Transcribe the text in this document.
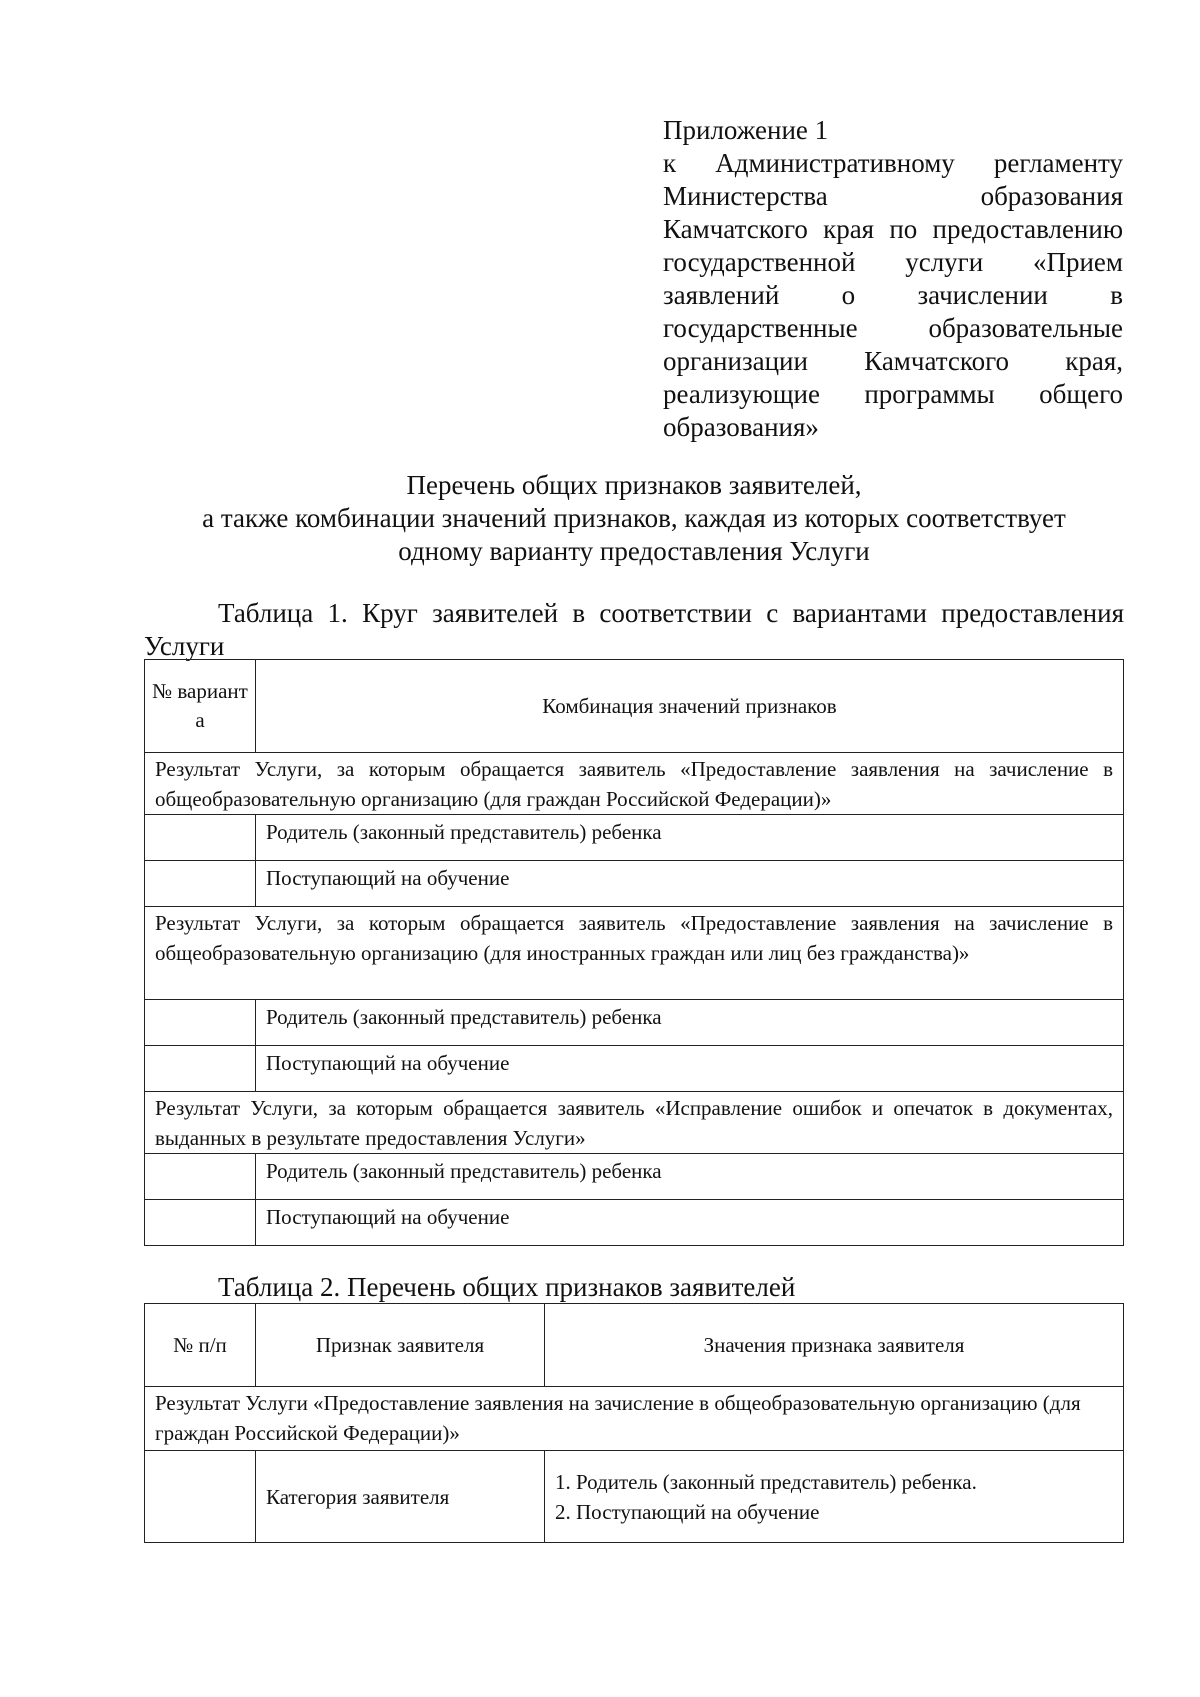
Приложение 1
к Административному регламенту Министерства образования Камчатского края по предоставлению государственной услуги «Прием заявлений о зачислении в государственные образовательные организации Камчатского края, реализующие программы общего образования»
Перечень общих признаков заявителей,
а также комбинации значений признаков, каждая из которых соответствует
одному варианту предоставления Услуги
Таблица 1. Круг заявителей в соответствии с вариантами предоставления Услуги
№ вариант а	Комбинация значений признаков
Результат Услуги, за которым обращается заявитель «Предоставление заявления на зачисление в общеобразовательную организацию (для граждан Российской Федерации)»	
	Родитель (законный представитель) ребенка
	Поступающий на обучение
Результат Услуги, за которым обращается заявитель «Предоставление заявления на зачисление в общеобразовательную организацию (для иностранных граждан или лиц без гражданства)»	
	Родитель (законный представитель) ребенка
	Поступающий на обучение
Результат Услуги, за которым обращается заявитель «Исправление ошибок и опечаток в документах, выданных в результате предоставления Услуги»	
	Родитель (законный представитель) ребенка
	Поступающий на обучение
Таблица 2. Перечень общих признаков заявителей
№ п/п	Признак заявителя	Значения признака заявителя
Результат Услуги «Предоставление заявления на зачисление в общеобразовательную организацию (для граждан Российской Федерации)»		
	Категория заявителя	1. Родитель (законный представитель) ребенка.
2. Поступающий на обучение
